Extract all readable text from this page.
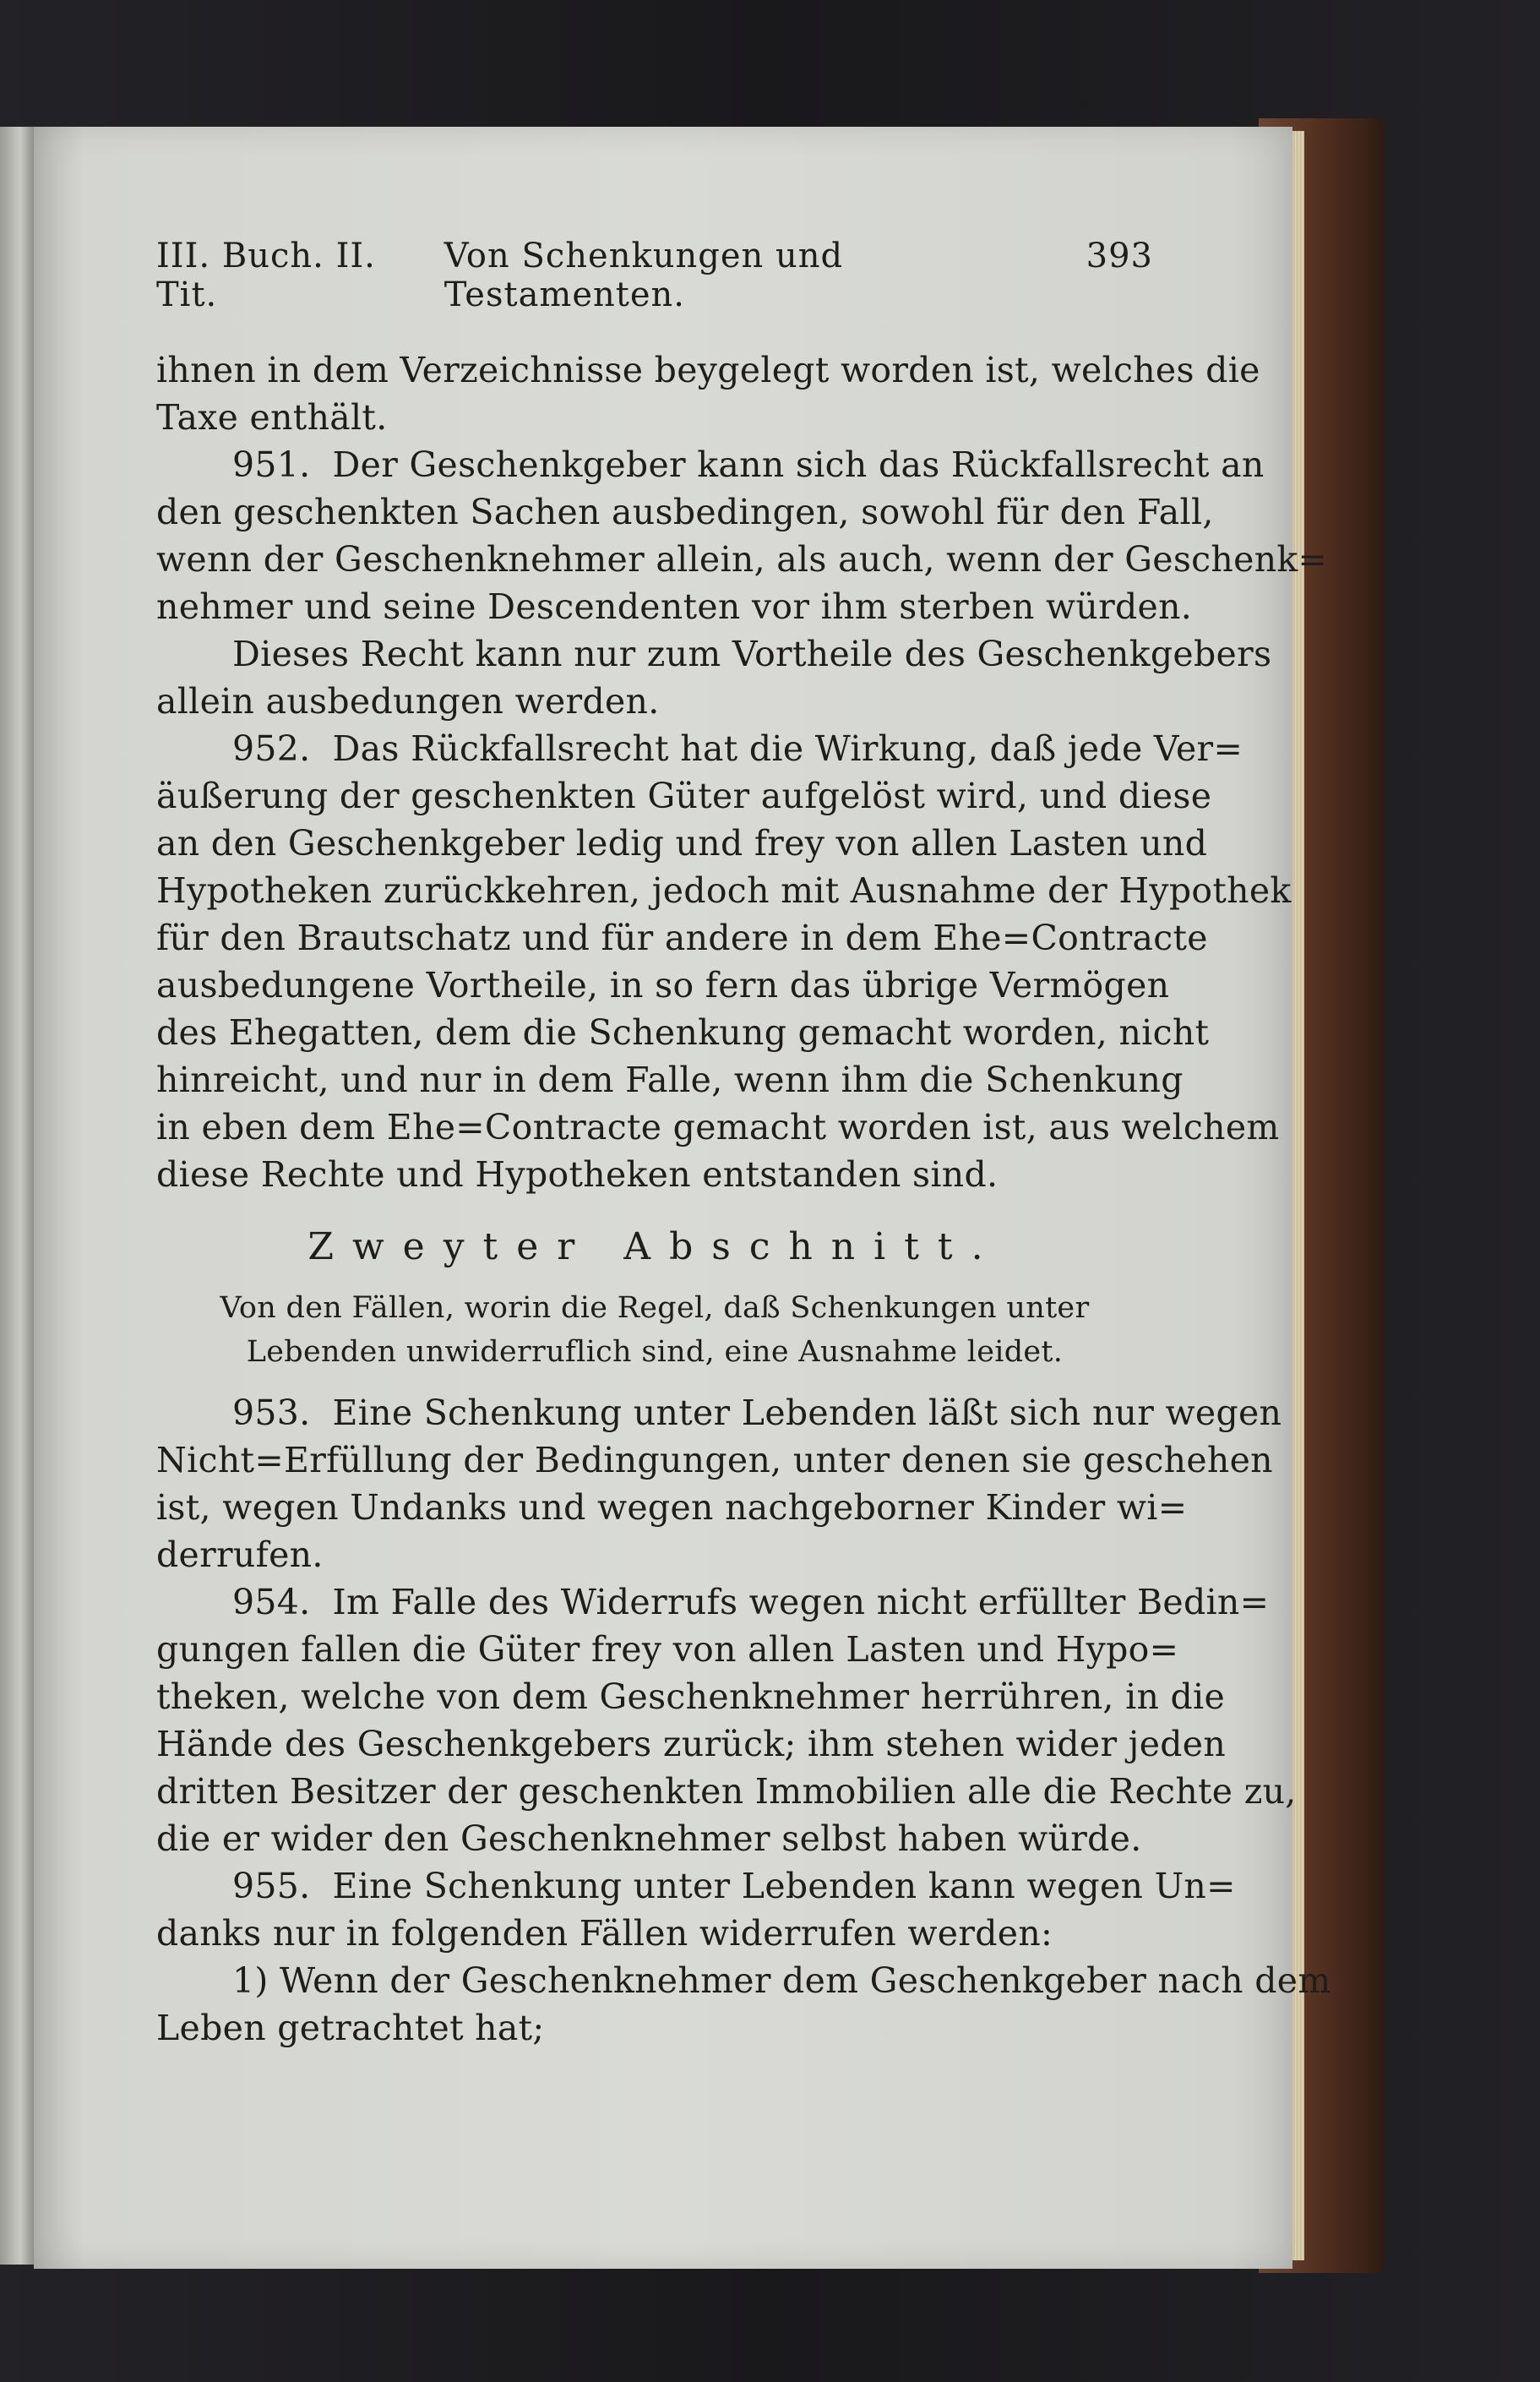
III. Buch. II. Tit.
Von Schenkungen und Testamenten.
393
ihnen in dem Verzeichnisse beygelegt worden ist, welches die
Taxe enthält.
951. Der Geschenkgeber kann sich das Rückfallsrecht an
den geschenkten Sachen ausbedingen, sowohl für den Fall,
wenn der Geschenknehmer allein, als auch, wenn der Geschenk=
nehmer und seine Descendenten vor ihm sterben würden.
Dieses Recht kann nur zum Vortheile des Geschenkgebers
allein ausbedungen werden.
952. Das Rückfallsrecht hat die Wirkung, daß jede Ver=
äußerung der geschenkten Güter aufgelöst wird, und diese
an den Geschenkgeber ledig und frey von allen Lasten und
Hypotheken zurückkehren, jedoch mit Ausnahme der Hypothek
für den Brautschatz und für andere in dem Ehe=Contracte
ausbedungene Vortheile, in so fern das übrige Vermögen
des Ehegatten, dem die Schenkung gemacht worden, nicht
hinreicht, und nur in dem Falle, wenn ihm die Schenkung
in eben dem Ehe=Contracte gemacht worden ist, aus welchem
diese Rechte und Hypotheken entstanden sind.
Zweyter Abschnitt.
Von den Fällen, worin die Regel, daß Schenkungen unter
Lebenden unwiderruflich sind, eine Ausnahme leidet.
953. Eine Schenkung unter Lebenden läßt sich nur wegen
Nicht=Erfüllung der Bedingungen, unter denen sie geschehen
ist, wegen Undanks und wegen nachgeborner Kinder wi=
derrufen.
954. Im Falle des Widerrufs wegen nicht erfüllter Bedin=
gungen fallen die Güter frey von allen Lasten und Hypo=
theken, welche von dem Geschenknehmer herrühren, in die
Hände des Geschenkgebers zurück; ihm stehen wider jeden
dritten Besitzer der geschenkten Immobilien alle die Rechte zu,
die er wider den Geschenknehmer selbst haben würde.
955. Eine Schenkung unter Lebenden kann wegen Un=
danks nur in folgenden Fällen widerrufen werden:
1) Wenn der Geschenknehmer dem Geschenkgeber nach dem
Leben getrachtet hat;
